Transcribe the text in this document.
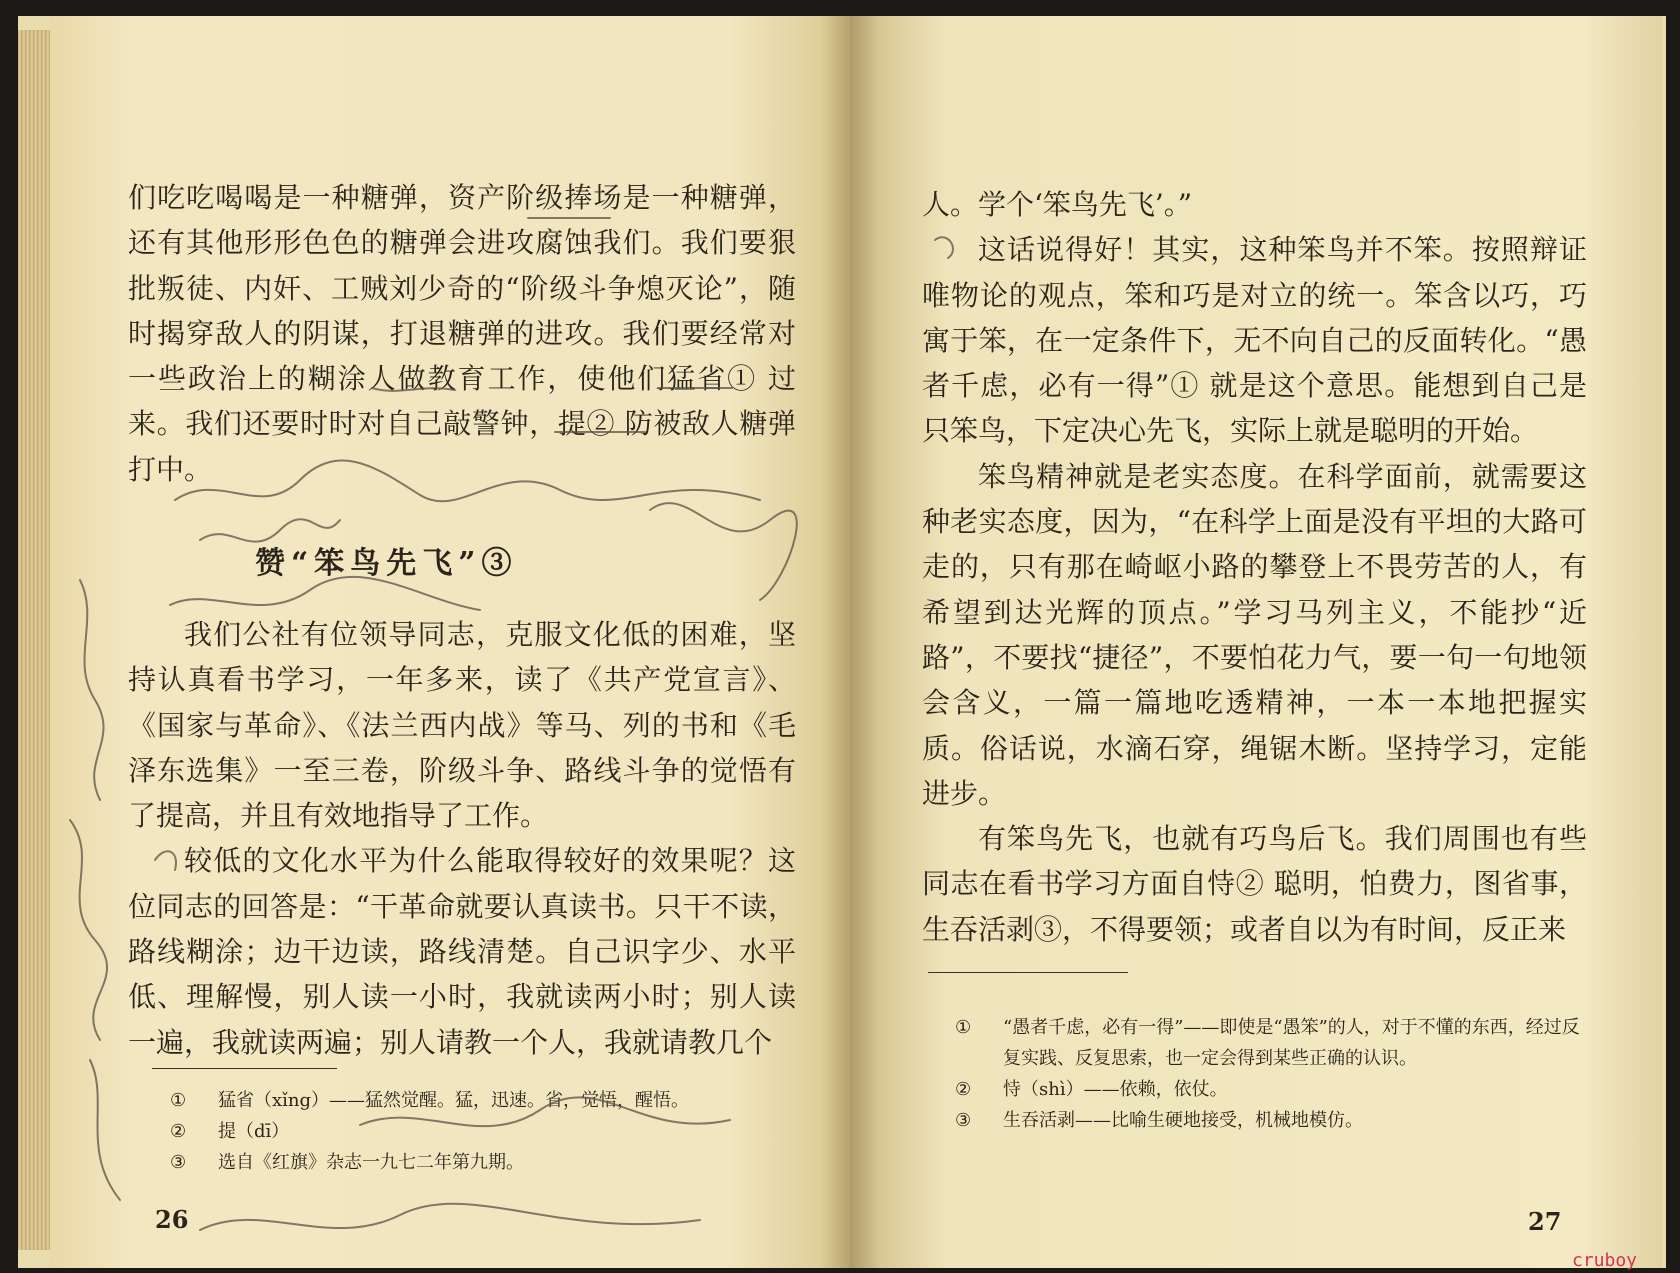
们吃吃喝喝是一种糖弹，资产阶级捧场是一种糖弹，还有其他形形色色的糖弹会进攻腐蚀我们。我们要狠批叛徒、内奸、工贼刘少奇的“阶级斗争熄灭论”，随时揭穿敌人的阴谋，打退糖弹的进攻。我们要经常对一些政治上的糊涂人做教育工作，使他们猛省① 过来。我们还要时时对自己敲警钟，提② 防被敌人糖弹打中。

赞“笨鸟先飞”③

我们公社有位领导同志，克服文化低的困难，坚持认真看书学习，一年多来，读了《共产党宣言》、《国家与革命》、《法兰西内战》等马、列的书和《毛泽东选集》一至三卷，阶级斗争、路线斗争的觉悟有了提高，并且有效地指导了工作。

较低的文化水平为什么能取得较好的效果呢？这位同志的回答是：“干革命就要认真读书。只干不读，路线糊涂；边干边读，路线清楚。自己识字少、水平低、理解慢，别人读一小时，我就读两小时；别人读一遍，我就读两遍；别人请教一个人，我就请教几个

①	猛省（xǐng）——猛然觉醒。猛，迅速。省，觉悟，醒悟。
②	提（dī）
③	选自《红旗》杂志一九七二年第九期。
26

人。学个‘笨鸟先飞’。”

这话说得好！其实，这种笨鸟并不笨。按照辩证唯物论的观点，笨和巧是对立的统一。笨含以巧，巧寓于笨，在一定条件下，无不向自己的反面转化。“愚者千虑，必有一得”① 就是这个意思。能想到自己是只笨鸟，下定决心先飞，实际上就是聪明的开始。

笨鸟精神就是老实态度。在科学面前，就需要这种老实态度，因为，“在科学上面是没有平坦的大路可走的，只有那在崎岖小路的攀登上不畏劳苦的人，有希望到达光辉的顶点。”学习马列主义，不能抄“近路”，不要找“捷径”，不要怕花力气，要一句一句地领会含义，一篇一篇地吃透精神，一本一本地把握实质。俗话说，水滴石穿，绳锯木断。坚持学习，定能进步。

有笨鸟先飞，也就有巧鸟后飞。我们周围也有些同志在看书学习方面自恃② 聪明，怕费力，图省事，生吞活剥③，不得要领；或者自以为有时间，反正来

①	“愚者千虑，必有一得”——即使是“愚笨”的人，对于不懂的东西，经过反复实践、反复思索，也一定会得到某些正确的认识。
②	恃（shì）——依赖，依仗。
③	生吞活剥——比喻生硬地接受，机械地模仿。
27
cruboy
